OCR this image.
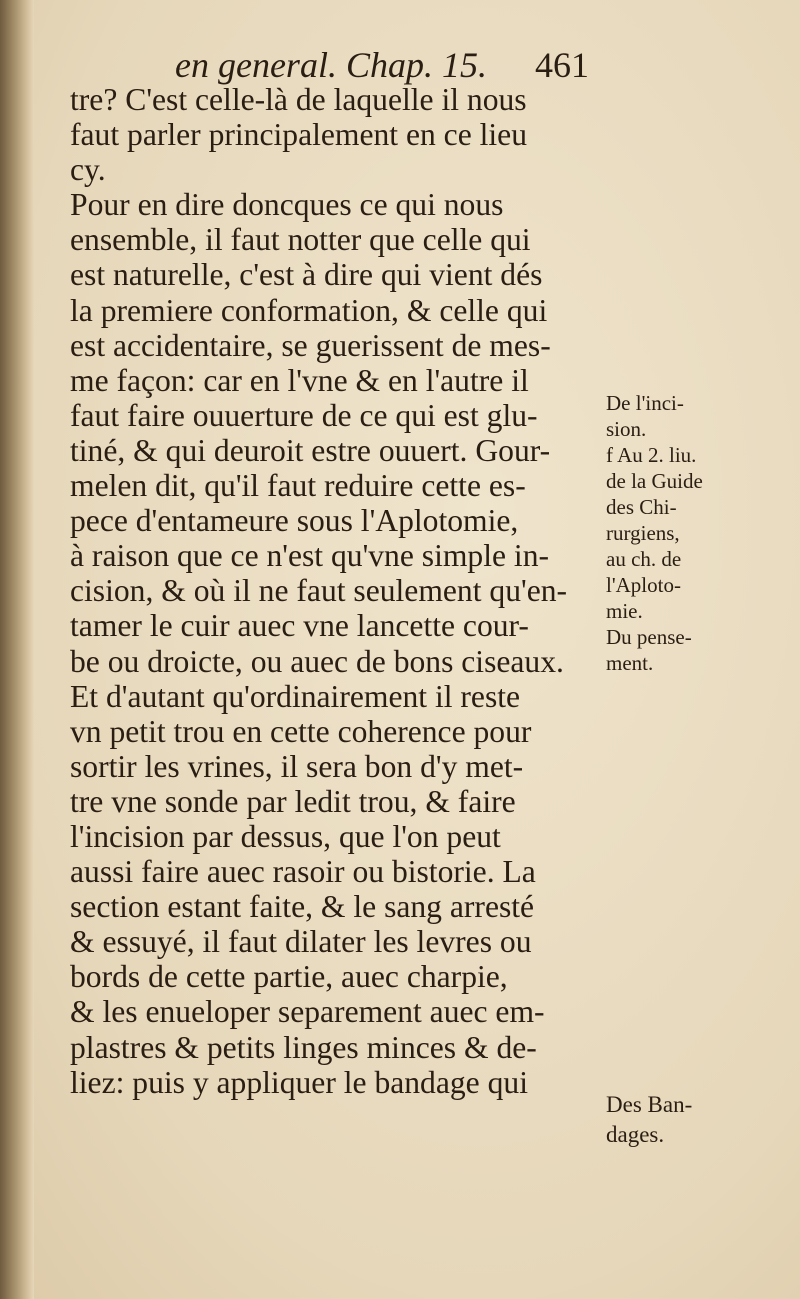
en general. Chap. 15. 461
tre? C'est celle-là de laquelle il nous
faut parler principalement en ce lieu
cy.
Pour en dire doncques ce qui nous
ensemble, il faut notter que celle qui
est naturelle, c'est à dire qui vient dés
la premiere conformation, & celle qui
est accidentaire, se guerissent de mes-
me façon: car en l'vne & en l'autre il
faut faire ouuerture de ce qui est glu-
tiné, & qui deuroit estre ouuert. Gour-
melen dit, qu'il faut reduire cette es-
pece d'entameure sous l'Aplotomie,
à raison que ce n'est qu'vne simple in-
cision, & où il ne faut seulement qu'en-
tamer le cuir auec vne lancette cour-
be ou droicte, ou auec de bons ciseaux.
Et d'autant qu'ordinairement il reste
vn petit trou en cette coherence pour
sortir les vrines, il sera bon d'y met-
tre vne sonde par ledit trou, & faire
l'incision par dessus, que l'on peut
aussi faire auec rasoir ou bistorie. La
section estant faite, & le sang arresté
& essuyé, il faut dilater les levres ou
bords de cette partie, auec charpie,
& les enueloper separement auec em-
plastres & petits linges minces & de-
liez: puis y appliquer le bandage qui
De l'inci-
sion.
f Au 2. liu.
de la Guide
des Chi-
rurgiens,
au ch. de
l'Aploto-
mie.
Du pense-
ment.
Des Ban-
dages.
